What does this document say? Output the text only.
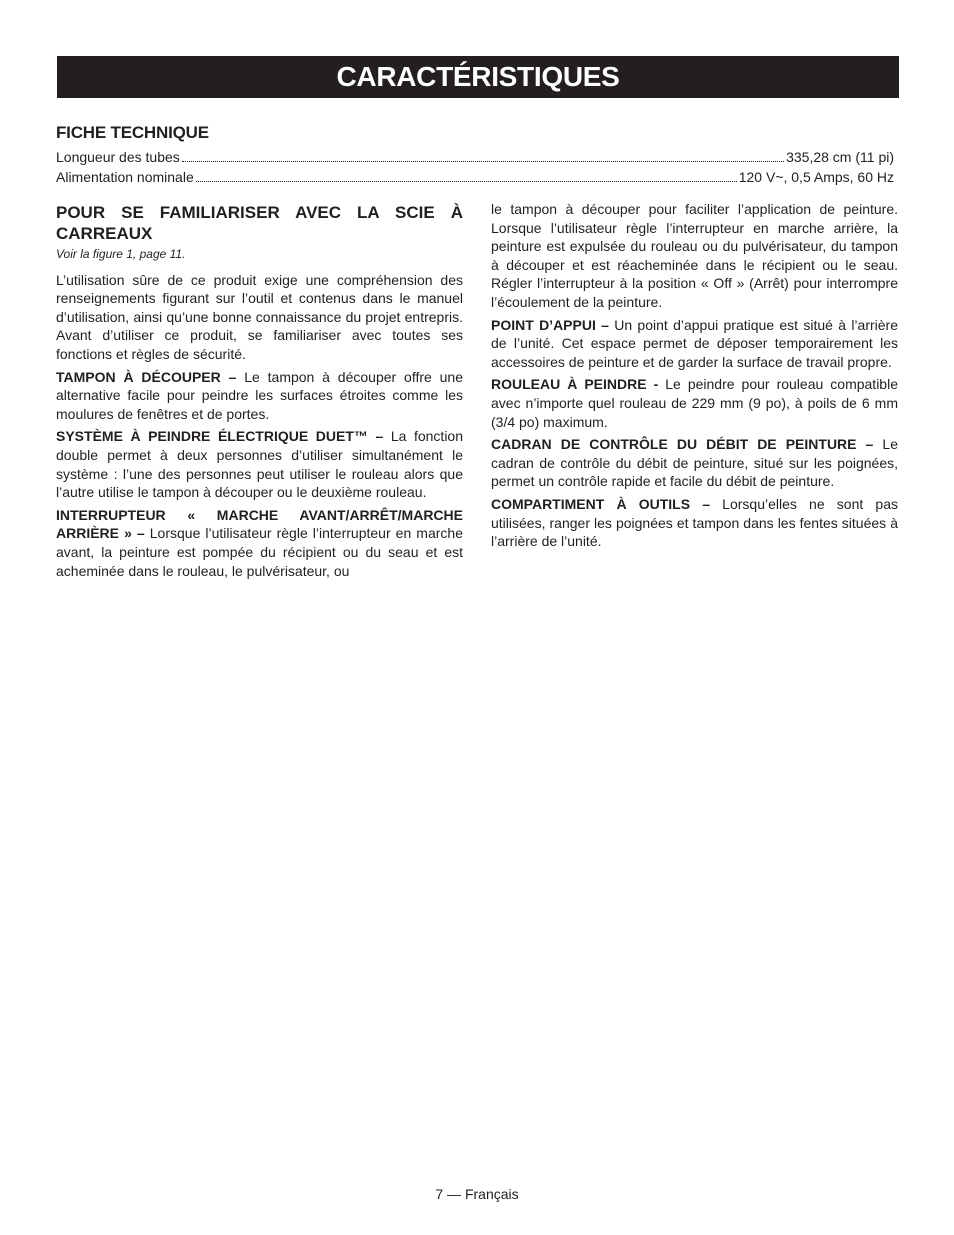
CARACTÉRISTIQUES
FICHE TECHNIQUE
Longueur des tubes	335,28 cm (11 pi)
Alimentation nominale	120 V~, 0,5 Amps, 60 Hz
POUR SE FAMILIARISER AVEC LA SCIE À CARREAUX
Voir la figure 1, page 11.

L’utilisation sûre de ce produit exige une compréhension des renseignements figurant sur l’outil et contenus dans le manuel d’utilisation, ainsi qu’une bonne connaissance du projet entrepris. Avant d’utiliser ce produit, se familiariser avec toutes ses fonctions et règles de sécurité.

TAMPON À DÉCOUPER – Le tampon à découper offre une alternative facile pour peindre les surfaces étroites comme les moulures de fenêtres et de portes.

SYSTÈME À PEINDRE ÉLECTRIQUE DUET™ – La fonction double permet à deux personnes d’utiliser simultanément le système : l’une des personnes peut utiliser le rouleau alors que l’autre utilise le tampon à découper ou le deuxième rouleau.

INTERRUPTEUR « MARCHE AVANT/ARRÊT/MARCHE ARRIÈRE » – Lorsque l’utilisateur règle l’interrupteur en marche avant, la peinture est pompée du récipient ou du seau et est acheminée dans le rouleau, le pulvérisateur, ou

le tampon à découper pour faciliter l’application de peinture. Lorsque l’utilisateur règle l’interrupteur en marche arrière, la peinture est expulsée du rouleau ou du pulvérisateur, du tampon à découper et est réacheminée dans le récipient ou le seau. Régler l’interrupteur à la position « Off » (Arrêt) pour interrompre l’écoulement de la peinture.

POINT D’APPUI – Un point d’appui pratique est situé à l’arrière de l’unité. Cet espace permet de déposer temporairement les accessoires de peinture et de garder la surface de travail propre.

ROULEAU À PEINDRE - Le peindre pour rouleau compatible avec n’importe quel rouleau de 229 mm (9 po), à poils de 6 mm (3/4 po) maximum.

CADRAN DE CONTRÔLE DU DÉBIT DE PEINTURE – Le cadran de contrôle du débit de peinture, situé sur les poignées, permet un contrôle rapide et facile du débit de peinture.

COMPARTIMENT À OUTILS – Lorsqu’elles ne sont pas utilisées, ranger les poignées et tampon dans les fentes situées à l’arrière de l’unité.

7 — Français
